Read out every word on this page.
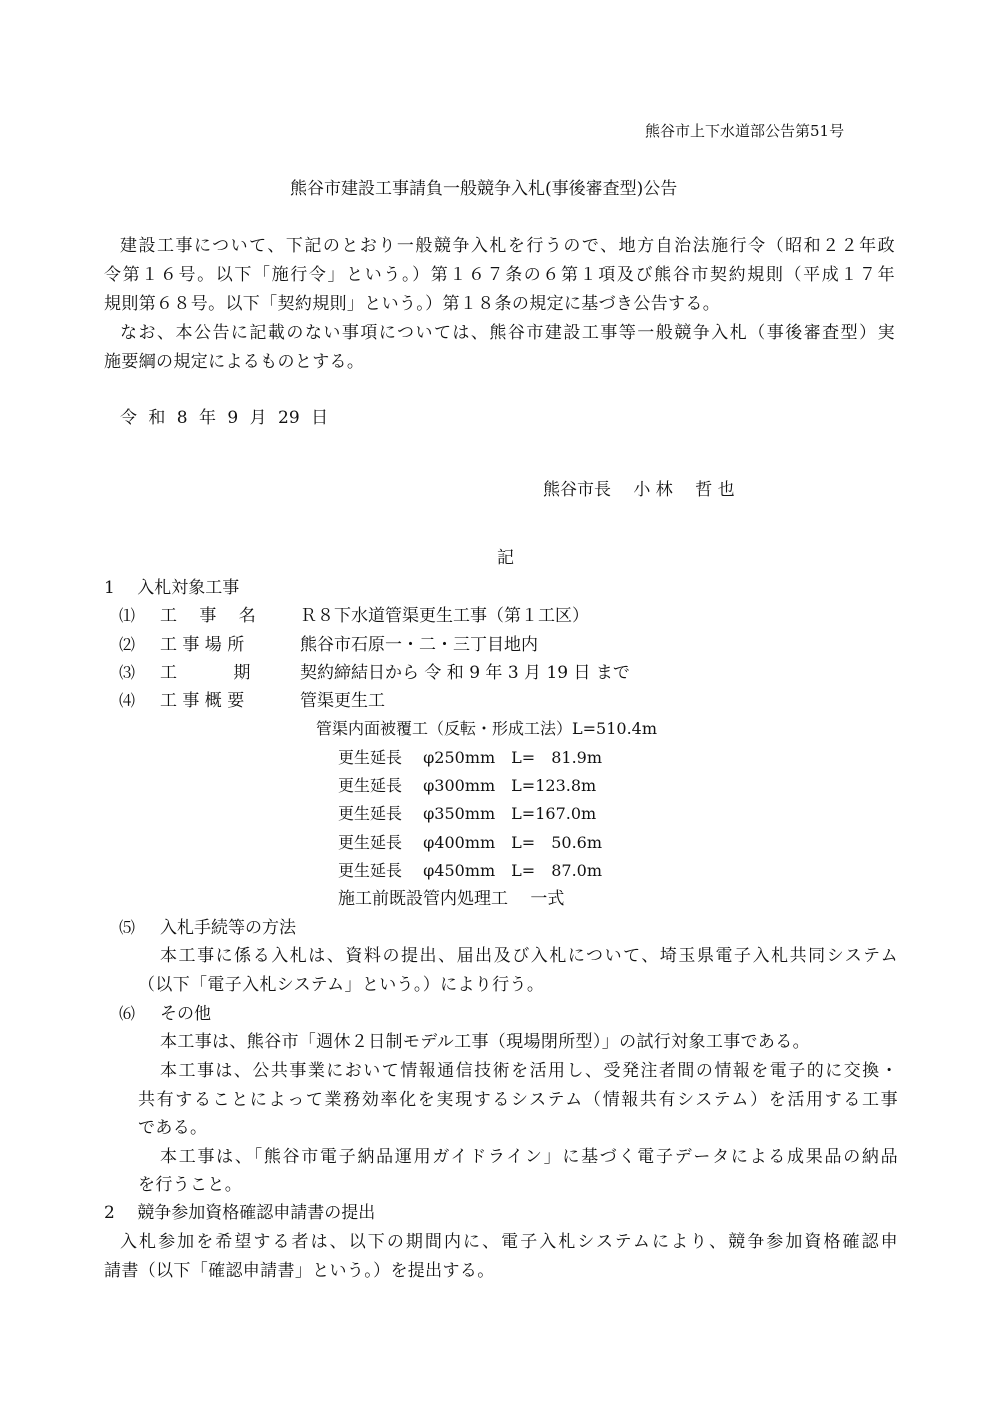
熊谷市上下水道部公告第51号
熊谷市建設工事請負一般競争入札(事後審査型)公告
建設工事について、下記のとおり一般競争入札を行うので、地方自治法施行令（昭和２２年政
令第１６号。以下「施行令」という。）第１６７条の６第１項及び熊谷市契約規則（平成１７年
規則第６８号。以下「契約規則」という。）第１８条の規定に基づき公告する。
なお、本公告に記載のない事項については、熊谷市建設工事等一般競争入札（事後審査型）実
施要綱の規定によるものとする。
令 和 8 年 9 月 29 日
熊谷市長　 小 林　 哲 也
記
1　 入札対象工事
⑴ 工　 事　 名	Ｒ８下水道管渠更生工事（第１工区）
⑵ 工 事 場 所	熊谷市石原一・二・三丁目地内
⑶ 工　　　 期	契約締結日から 令 和 9 年 3 月 19 日 まで
⑷ 工 事 概 要	管渠更生工
管渠内面被覆工（反転・形成工法）L=510.4m
更生延長　 φ250mm　L=　81.9m
更生延長　 φ300mm　L=123.8m
更生延長　 φ350mm　L=167.0m
更生延長　 φ400mm　L=　50.6m
更生延長　 φ450mm　L=　87.0m
施工前既設管内処理工　 一式
⑸ 入札手続等の方法
本工事に係る入札は、資料の提出、届出及び入札について、埼玉県電子入札共同システム
（以下「電子入札システム」という。）により行う。
⑹ その他
本工事は、熊谷市「週休２日制モデル工事（現場閉所型）」の試行対象工事である。
本工事は、公共事業において情報通信技術を活用し、受発注者間の情報を電子的に交換・
共有することによって業務効率化を実現するシステム（情報共有システム）を活用する工事
である。
本工事は、「熊谷市電子納品運用ガイドライン」に基づく電子データによる成果品の納品
を行うこと。
2　 競争参加資格確認申請書の提出
入札参加を希望する者は、以下の期間内に、電子入札システムにより、競争参加資格確認申
請書（以下「確認申請書」という。）を提出する。
